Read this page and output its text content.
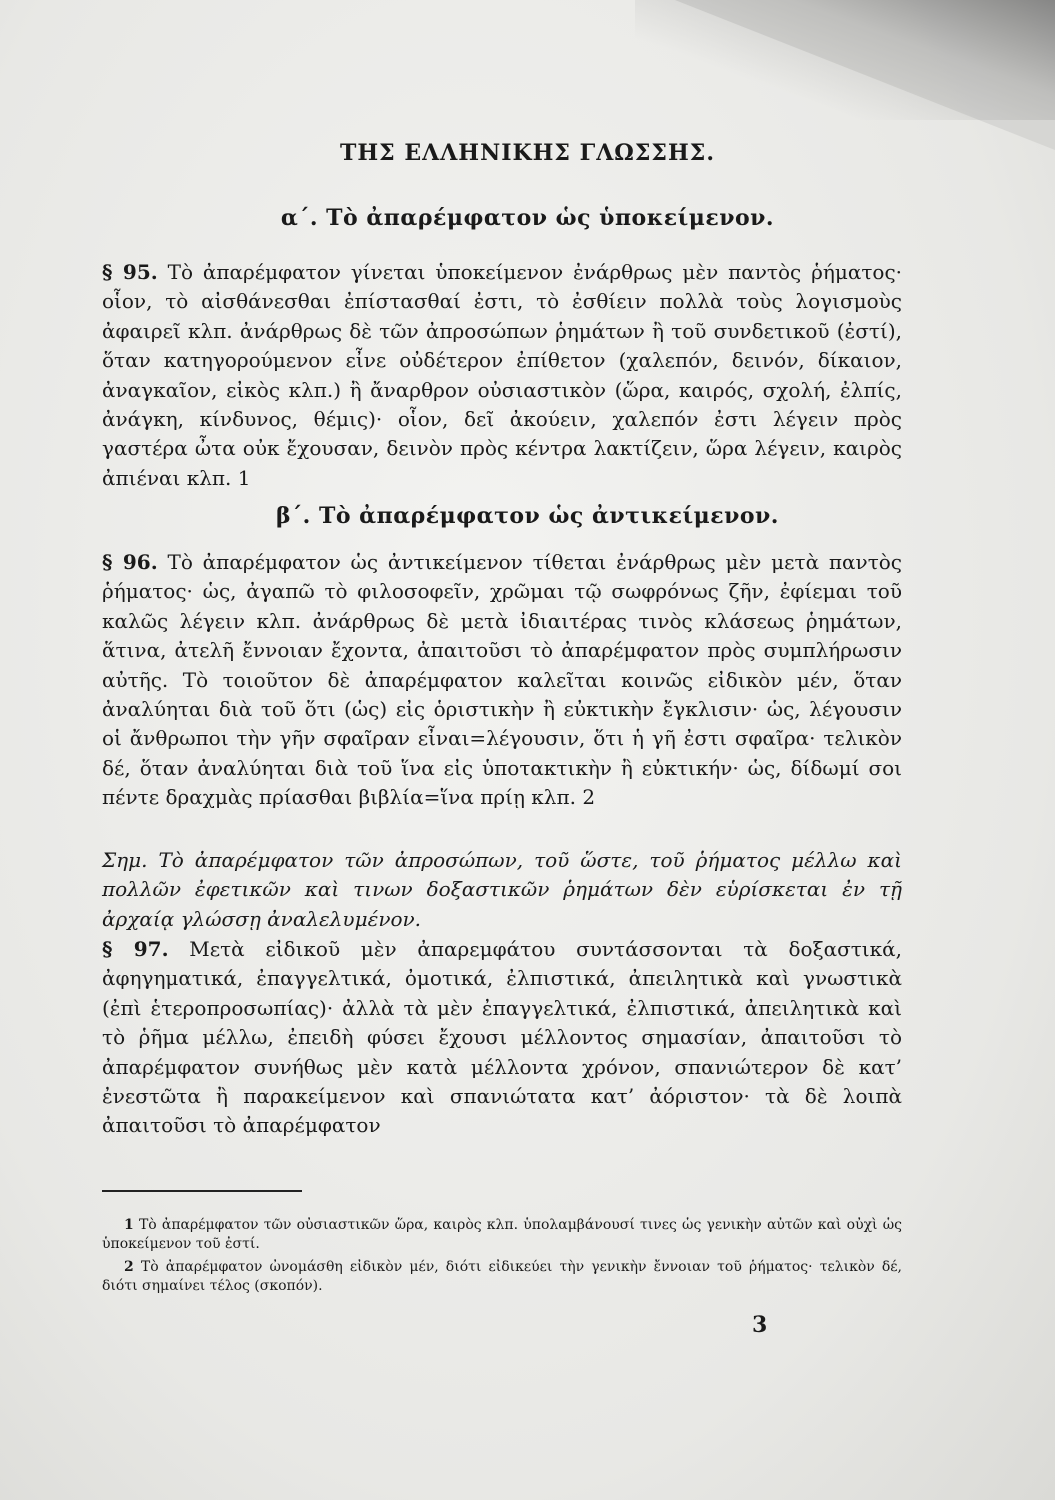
ΤΗΣ ΕΛΛΗΝΙΚΗΣ ΓΛΩΣΣΗΣ.
α΄. Τὸ ἀπαρέμφατον ὡς ὑποκείμενον.
§ 95. Τὸ ἀπαρέμφατον γίνεται ὑποκείμενον ἐνάρθρως μὲν παντὸς ῥήματος· οἷον, τὸ αἰσθάνεσθαι ἐπίστασθαί ἐστι, τὸ ἐσθίειν πολλὰ τοὺς λογισμοὺς ἀφαιρεῖ κλπ. ἀνάρθρως δὲ τῶν ἀπροσώπων ῥημάτων ἢ τοῦ συνδετικοῦ (ἐστί), ὅταν κατηγορούμενον εἶνε οὐδέτερον ἐπίθετον (χαλεπόν, δεινόν, δίκαιον, ἀναγκαῖον, εἰκὸς κλπ.) ἢ ἄναρθρον οὐσιαστικὸν (ὥρα, καιρός, σχολή, ἐλπίς, ἀνάγκη, κίνδυνος, θέμις)· οἷον, δεῖ ἀκούειν, χαλεπόν ἐστι λέγειν πρὸς γαστέρα ὦτα οὐκ ἔχουσαν, δεινὸν πρὸς κέντρα λακτίζειν, ὥρα λέγειν, καιρὸς ἀπιέναι κλπ. 1
β΄. Τὸ ἀπαρέμφατον ὡς ἀντικείμενον.
§ 96. Τὸ ἀπαρέμφατον ὡς ἀντικείμενον τίθεται ἐνάρθρως μὲν μετὰ παντὸς ῥήματος· ὡς, ἀγαπῶ τὸ φιλοσοφεῖν, χρῶμαι τῷ σωφρόνως ζῆν, ἐφίεμαι τοῦ καλῶς λέγειν κλπ. ἀνάρθρως δὲ μετὰ ἰδιαιτέρας τινὸς κλάσεως ῥημάτων, ἅτινα, ἀτελῆ ἔννοιαν ἔχοντα, ἀπαιτοῦσι τὸ ἀπαρέμφατον πρὸς συμπλήρωσιν αὐτῆς. Τὸ τοιοῦτον δὲ ἀπαρέμφατον καλεῖται κοινῶς εἰδικὸν μέν, ὅταν ἀναλύηται διὰ τοῦ ὅτι (ὡς) εἰς ὁριστικὴν ἢ εὐκτικὴν ἔγκλισιν· ὡς, λέγουσιν οἱ ἄνθρωποι τὴν γῆν σφαῖραν εἶναι=λέγουσιν, ὅτι ἡ γῆ ἐστι σφαῖρα· τελικὸν δέ, ὅταν ἀναλύηται διὰ τοῦ ἵνα εἰς ὑποτακτικὴν ἢ εὐκτικήν· ὡς, δίδωμί σοι πέντε δραχμὰς πρίασθαι βιβλία=ἵνα πρίῃ κλπ. 2
Σημ. Τὸ ἀπαρέμφατον τῶν ἀπροσώπων, τοῦ ὥστε, τοῦ ῥήματος μέλλω καὶ πολλῶν ἐφετικῶν καὶ τινων δοξαστικῶν ῥημάτων δὲν εὑρίσκεται ἐν τῇ ἀρχαίᾳ γλώσσῃ ἀναλελυμένον.
§ 97. Μετὰ εἰδικοῦ μὲν ἀπαρεμφάτου συντάσσονται τὰ δοξαστικά, ἀφηγηματικά, ἐπαγγελτικά, ὀμοτικά, ἐλπιστικά, ἀπειλητικὰ καὶ γνωστικὰ (ἐπὶ ἑτεροπροσωπίας)· ἀλλὰ τὰ μὲν ἐπαγγελτικά, ἐλπιστικά, ἀπειλητικὰ καὶ τὸ ῥῆμα μέλλω, ἐπειδὴ φύσει ἔχουσι μέλλοντος σημασίαν, ἀπαιτοῦσι τὸ ἀπαρέμφατον συνήθως μὲν κατὰ μέλλοντα χρόνον, σπανιώτερον δὲ κατ’ ἐνεστῶτα ἢ παρακείμενον καὶ σπανιώτατα κατ’ ἀόριστον· τὰ δὲ λοιπὰ ἀπαιτοῦσι τὸ ἀπαρέμφατον

1 Τὸ ἀπαρέμφατον τῶν οὐσιαστικῶν ὥρα, καιρὸς κλπ. ὑπολαμβάνουσί τινες ὡς γενικὴν αὐτῶν καὶ οὐχὶ ὡς ὑποκείμενον τοῦ ἐστί.

2 Τὸ ἀπαρέμφατον ὠνομάσθη εἰδικὸν μέν, διότι εἰδικεύει τὴν γενικὴν ἔννοιαν τοῦ ῥήματος· τελικὸν δέ, διότι σημαίνει τέλος (σκοπόν).

3
